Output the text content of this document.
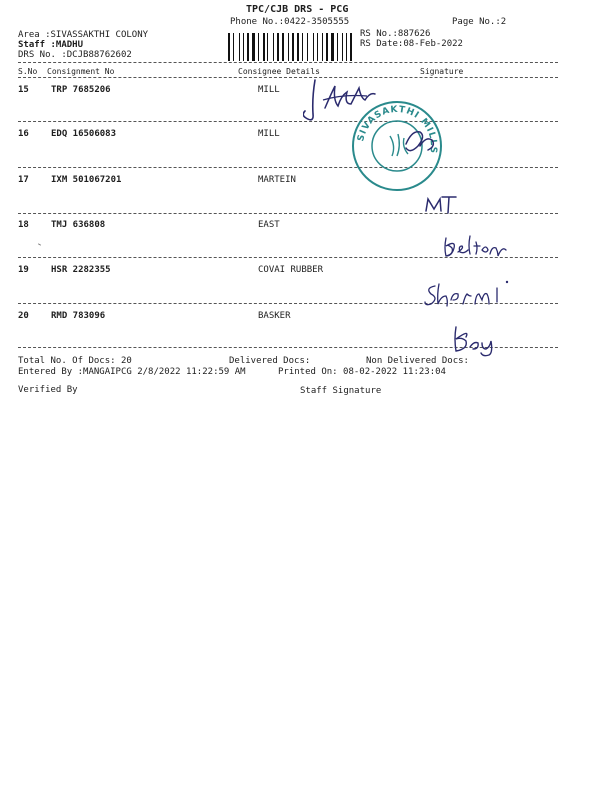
TPC/CJB DRS - PCG
Phone No.:0422-3505555	Page No.:2
Area :SIVASSAKTHI COLONY
Staff :MADHU
DRS No. :DCJB88762602
RS No.:887626
RS Date:08-Feb-2022
S.No Consignment No	Consignee Details	Signature
15 TRP 7685206	MILL
16 EDQ 16506083	MILL
17 IXM 501067201	MARTEIN
18 TMJ 636808	EAST
19 HSR 2282355	COVAI RUBBER
20 RMD 783096	BASKER
Total No. Of Docs: 20	Delivered Docs:	Non Delivered Docs:
Entered By :MANGAIPCG 2/8/2022 11:22:59 AM	Printed On: 08-02-2022 11:23:04
Verified By	Staff Signature
SIVASAKTHI MILLS
